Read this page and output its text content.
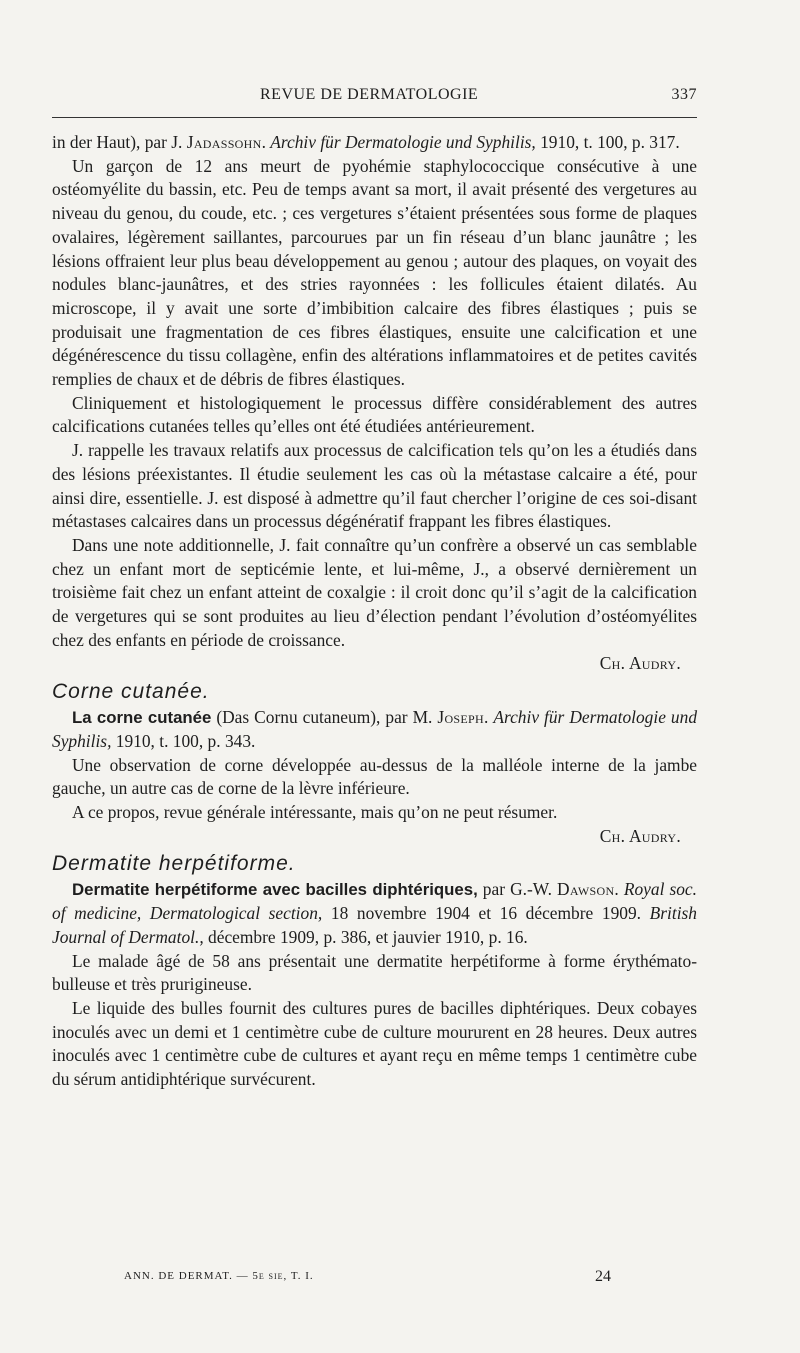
REVUE DE DERMATOLOGIE	337

in der Haut), par J. Jadassohn. Archiv für Dermatologie und Syphilis, 1910, t. 100, p. 317.

Un garçon de 12 ans meurt de pyohémie staphylococcique consécutive à une ostéomyélite du bassin, etc. Peu de temps avant sa mort, il avait présenté des vergetures au niveau du genou, du coude, etc. ; ces vergetures s’étaient présentées sous forme de plaques ovalaires, légèrement saillantes, parcourues par un fin réseau d’un blanc jaunâtre ; les lésions offraient leur plus beau développement au genou ; autour des plaques, on voyait des nodules blanc-jaunâtres, et des stries rayonnées : les follicules étaient dilatés. Au microscope, il y avait une sorte d’imbibition calcaire des fibres élastiques ; puis se produisait une fragmentation de ces fibres élastiques, ensuite une calcification et une dégénérescence du tissu collagène, enfin des altérations inflammatoires et de petites cavités remplies de chaux et de débris de fibres élastiques.

Cliniquement et histologiquement le processus diffère considérablement des autres calcifications cutanées telles qu’elles ont été étudiées antérieurement.

J. rappelle les travaux relatifs aux processus de calcification tels qu’on les a étudiés dans des lésions préexistantes. Il étudie seulement les cas où la métastase calcaire a été, pour ainsi dire, essentielle. J. est disposé à admettre qu’il faut chercher l’origine de ces soi-disant métastases calcaires dans un processus dégénératif frappant les fibres élastiques.

Dans une note additionnelle, J. fait connaître qu’un confrère a observé un cas semblable chez un enfant mort de septicémie lente, et lui-même, J., a observé dernièrement un troisième fait chez un enfant atteint de coxalgie : il croit donc qu’il s’agit de la calcification de vergetures qui se sont produites au lieu d’élection pendant l’évolution d’ostéomyélites chez des enfants en période de croissance.

Ch. Audry.
Corne cutanée.

La corne cutanée (Das Cornu cutaneum), par M. Joseph. Archiv für Dermatologie und Syphilis, 1910, t. 100, p. 343.

Une observation de corne développée au-dessus de la malléole interne de la jambe gauche, un autre cas de corne de la lèvre inférieure.

A ce propos, revue générale intéressante, mais qu’on ne peut résumer.

Ch. Audry.
Dermatite herpétiforme.

Dermatite herpétiforme avec bacilles diphtériques, par G.-W. Dawson. Royal soc. of medicine, Dermatological section, 18 novembre 1904 et 16 décembre 1909. British Journal of Dermatol., décembre 1909, p. 386, et jauvier 1910, p. 16.

Le malade âgé de 58 ans présentait une dermatite herpétiforme à forme érythémato-bulleuse et très prurigineuse.

Le liquide des bulles fournit des cultures pures de bacilles diphtériques. Deux cobayes inoculés avec un demi et 1 centimètre cube de culture moururent en 28 heures. Deux autres inoculés avec 1 centimètre cube de cultures et ayant reçu en même temps 1 centimètre cube du sérum antidiphtérique survécurent.

ANN. DE DERMAT. — 5e sie, T. I.	24
